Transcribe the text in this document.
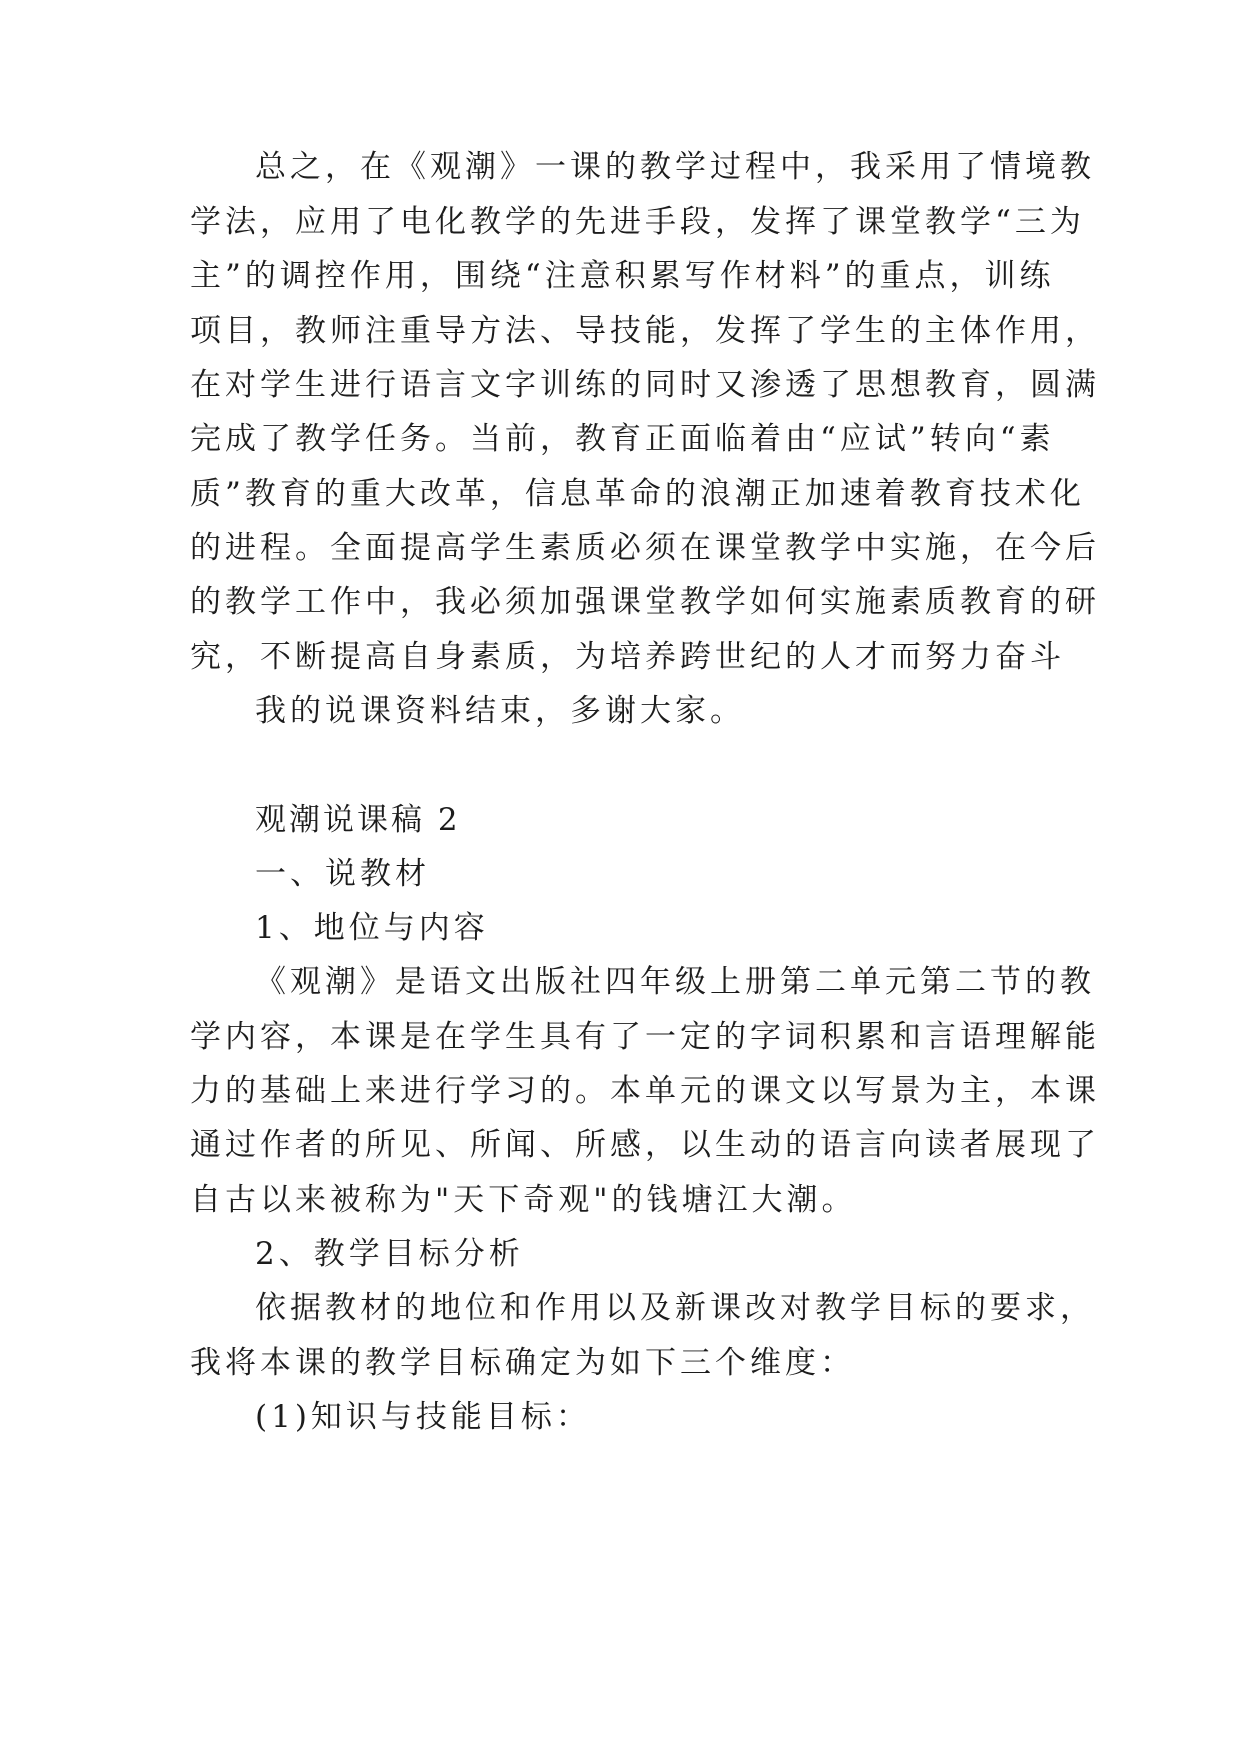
总之，在《观潮》一课的教学过程中，我采用了情境教
学法，应用了电化教学的先进手段，发挥了课堂教学“三为
主”的调控作用，围绕“注意积累写作材料”的重点，训练
项目，教师注重导方法、导技能，发挥了学生的主体作用，
在对学生进行语言文字训练的同时又渗透了思想教育，圆满
完成了教学任务。当前，教育正面临着由“应试”转向“素
质”教育的重大改革，信息革命的浪潮正加速着教育技术化
的进程。全面提高学生素质必须在课堂教学中实施，在今后
的教学工作中，我必须加强课堂教学如何实施素质教育的研
究，不断提高自身素质，为培养跨世纪的人才而努力奋斗
我的说课资料结束，多谢大家。
观潮说课稿 2
一、说教材
1、地位与内容
《观潮》是语文出版社四年级上册第二单元第二节的教
学内容，本课是在学生具有了一定的字词积累和言语理解能
力的基础上来进行学习的。本单元的课文以写景为主，本课
通过作者的所见、所闻、所感，以生动的语言向读者展现了
自古以来被称为"天下奇观"的钱塘江大潮。
2、教学目标分析
依据教材的地位和作用以及新课改对教学目标的要求，
我将本课的教学目标确定为如下三个维度：
(1)知识与技能目标：
